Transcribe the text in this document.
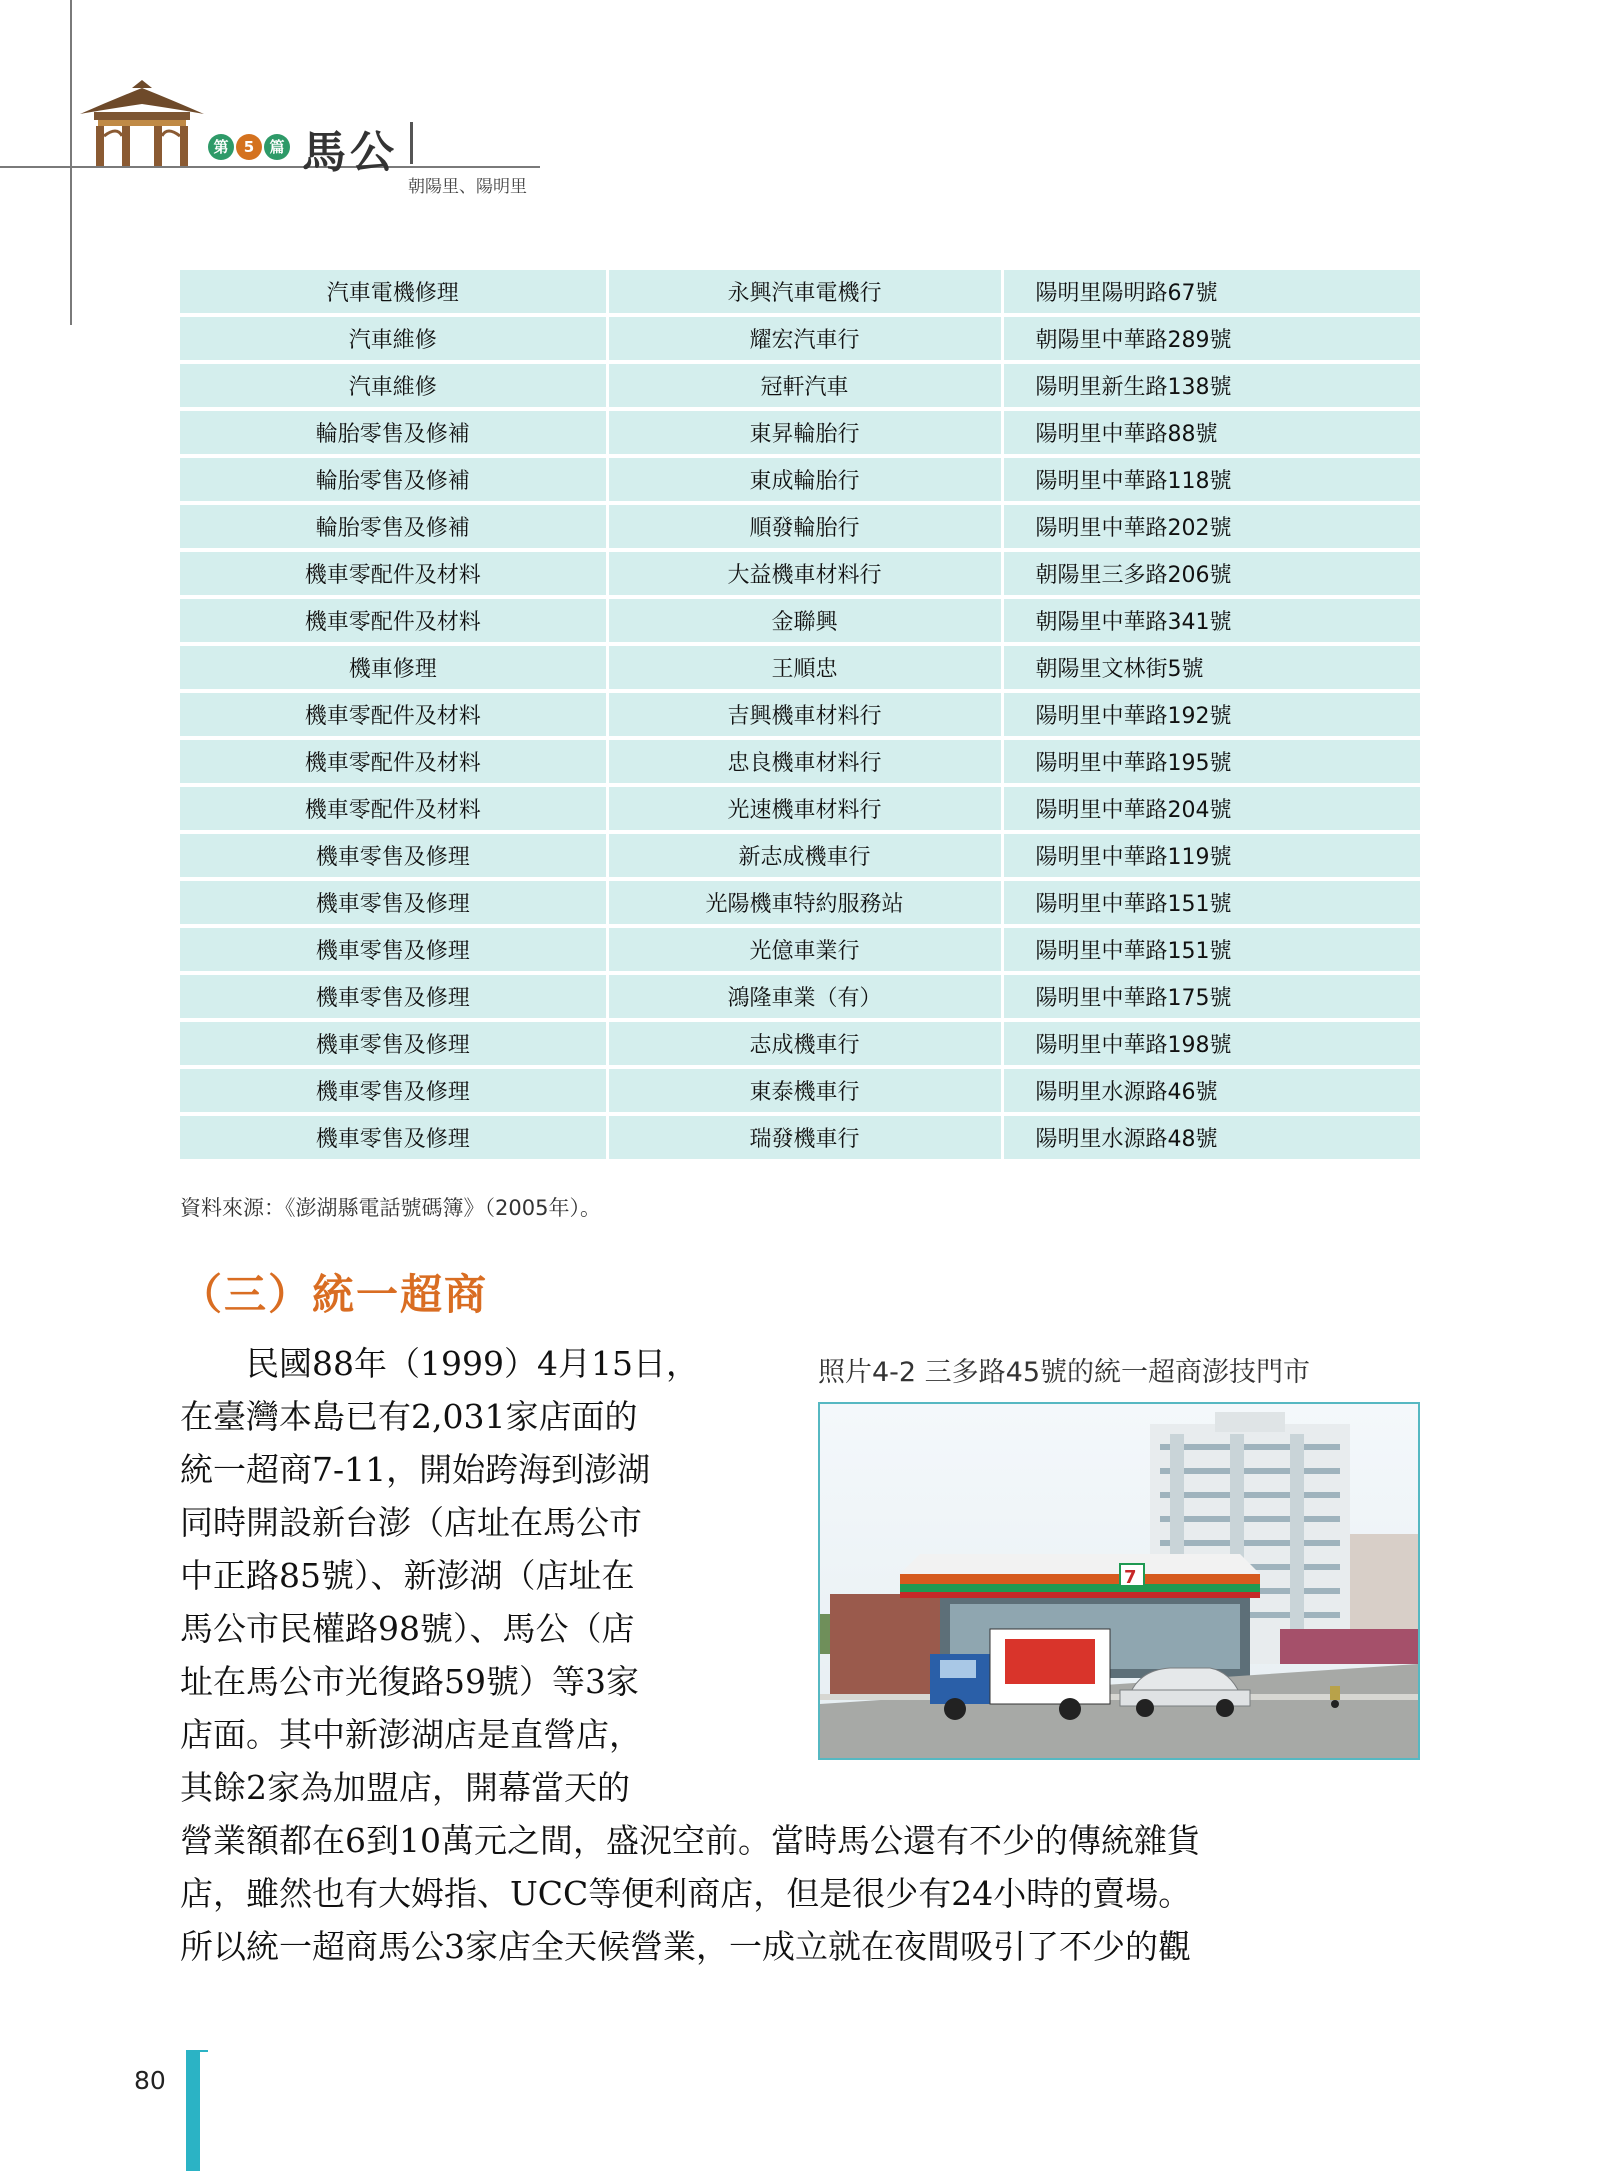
第	5	篇 馬公
朝陽里、陽明里
汽車電機修理	永興汽車電機行	陽明里陽明路67號
汽車維修	耀宏汽車行	朝陽里中華路289號
汽車維修	冠軒汽車	陽明里新生路138號
輪胎零售及修補	東昇輪胎行	陽明里中華路88號
輪胎零售及修補	東成輪胎行	陽明里中華路118號
輪胎零售及修補	順發輪胎行	陽明里中華路202號
機車零配件及材料	大益機車材料行	朝陽里三多路206號
機車零配件及材料	金聯興	朝陽里中華路341號
機車修理	王順忠	朝陽里文林街5號
機車零配件及材料	吉興機車材料行	陽明里中華路192號
機車零配件及材料	忠良機車材料行	陽明里中華路195號
機車零配件及材料	光速機車材料行	陽明里中華路204號
機車零售及修理	新志成機車行	陽明里中華路119號
機車零售及修理	光陽機車特約服務站	陽明里中華路151號
機車零售及修理	光億車業行	陽明里中華路151號
機車零售及修理	鴻隆車業（有）	陽明里中華路175號
機車零售及修理	志成機車行	陽明里中華路198號
機車零售及修理	東泰機車行	陽明里水源路46號
機車零售及修理	瑞發機車行	陽明里水源路48號
資料來源：《澎湖縣電話號碼簿》（2005年）。
（三）統一超商
　　民國88年（1999）4月15日，
在臺灣本島已有2,031家店面的
統一超商7-11，開始跨海到澎湖
同時開設新台澎（店址在馬公市
中正路85號）、新澎湖（店址在
馬公市民權路98號）、馬公（店
址在馬公市光復路59號）等3家
店面。其中新澎湖店是直營店，
其餘2家為加盟店，開幕當天的
營業額都在6到10萬元之間，盛況空前。當時馬公還有不少的傳統雜貨
店，雖然也有大姆指、UCC等便利商店，但是很少有24小時的賣場。
所以統一超商馬公3家店全天候營業，一成立就在夜間吸引了不少的觀
照片4-2 三多路45號的統一超商澎技門市
7
80
